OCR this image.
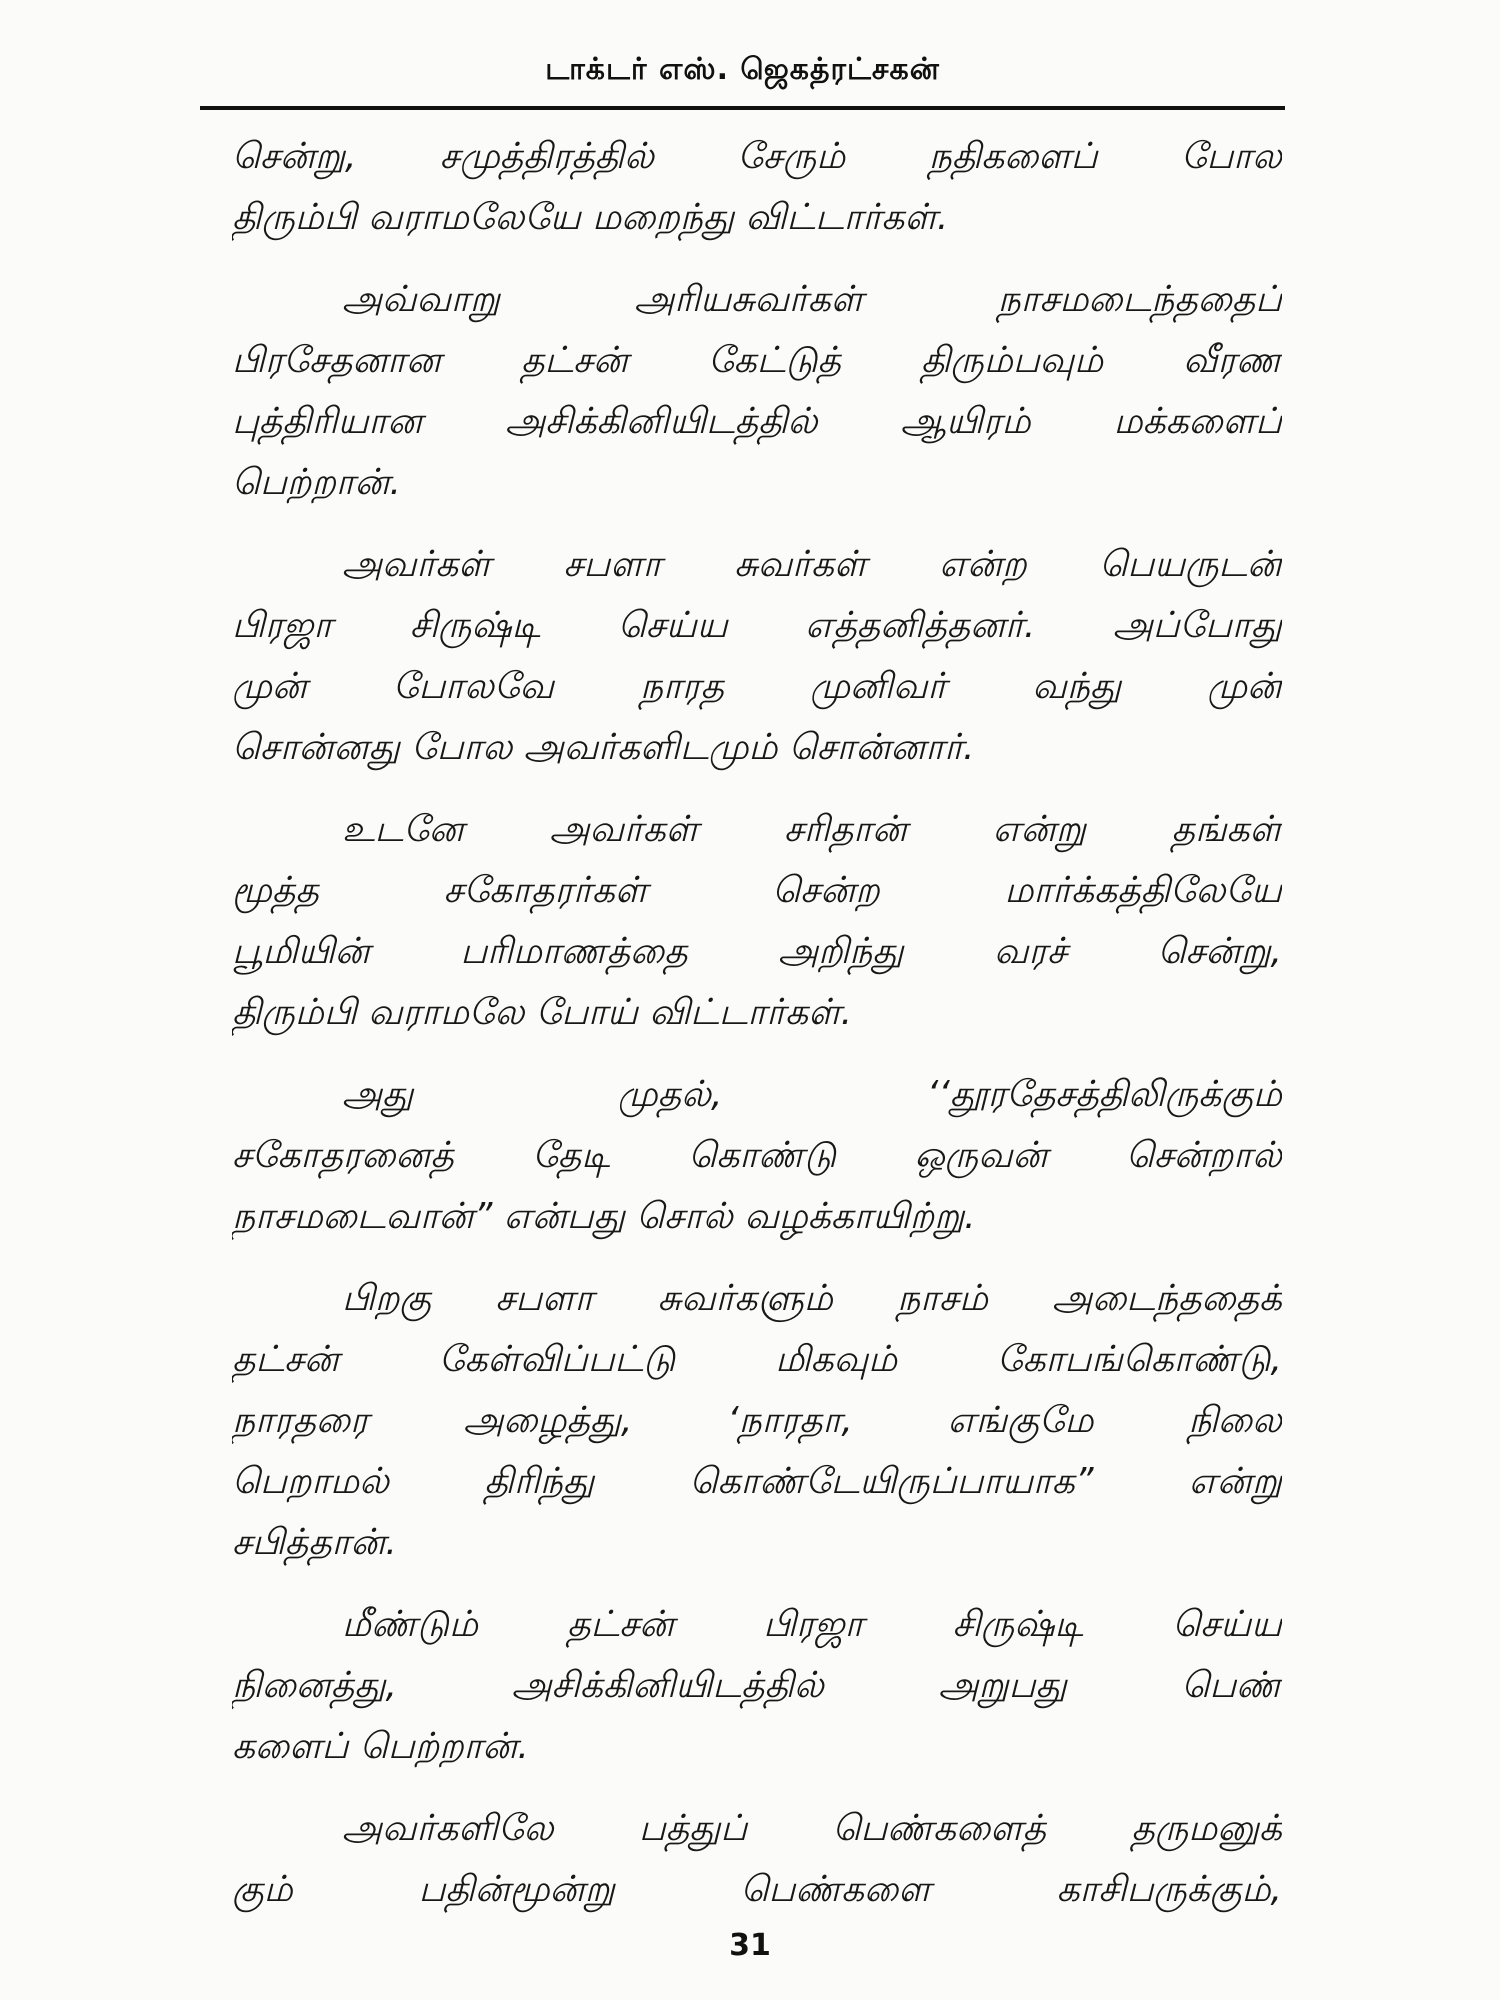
டாக்டர் எஸ். ஜெகத்ரட்சகன்

சென்று, சமுத்திரத்தில் சேரும் நதிகளைப் போல
திரும்பி வராமலேயே மறைந்து விட்டார்கள்.

அவ்வாறு அரியசுவர்கள் நாசமடைந்ததைப்
பிரசேதனான தட்சன் கேட்டுத் திரும்பவும் வீரண
புத்திரியான அசிக்கினியிடத்தில் ஆயிரம் மக்களைப்
பெற்றான்.

அவர்கள் சபளா சுவர்கள் என்ற பெயருடன்
பிரஜா சிருஷ்டி செய்ய எத்தனித்தனர். அப்போது
முன் போலவே நாரத முனிவர் வந்து முன்
சொன்னது போல அவர்களிடமும் சொன்னார்.

உடனே அவர்கள் சரிதான் என்று தங்கள்
மூத்த சகோதரர்கள் சென்ற மார்க்கத்திலேயே
பூமியின் பரிமாணத்தை அறிந்து வரச் சென்று,
திரும்பி வராமலே போய் விட்டார்கள்.

அது முதல், ‘‘தூரதேசத்திலிருக்கும்
சகோதரனைத் தேடி கொண்டு ஒருவன் சென்றால்
நாசமடைவான்” என்பது சொல் வழக்காயிற்று.

பிறகு சபளா சுவர்களும் நாசம் அடைந்ததைக்
தட்சன் கேள்விப்பட்டு மிகவும் கோபங்கொண்டு,
நாரதரை அழைத்து, ‘நாரதா, எங்குமே நிலை
பெறாமல் திரிந்து கொண்டேயிருப்பாயாக” என்று
சபித்தான்.

மீண்டும் தட்சன் பிரஜா சிருஷ்டி செய்ய
நினைத்து, அசிக்கினியிடத்தில் அறுபது பெண்
களைப் பெற்றான்.

அவர்களிலே பத்துப் பெண்களைத் தருமனுக்
கும் பதின்மூன்று பெண்களை காசிபருக்கும்,

31
